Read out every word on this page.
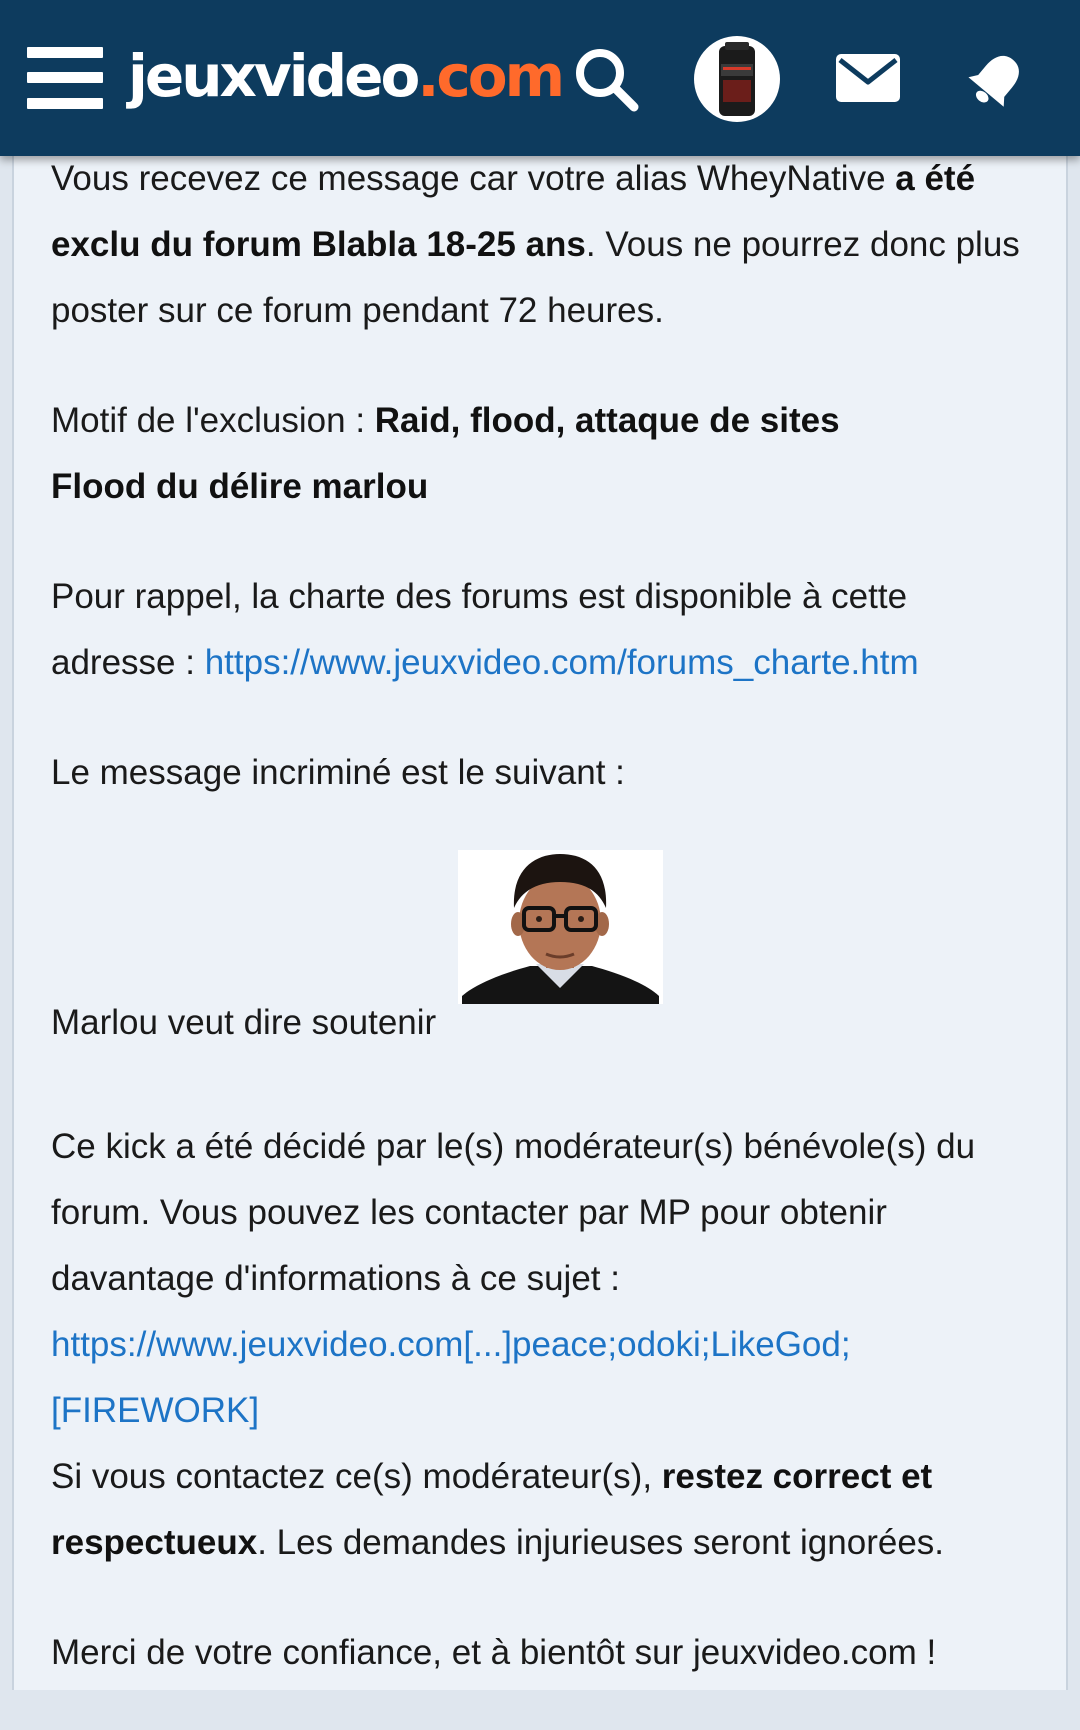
jeuxvideo.com

Vous recevez ce message car votre alias WheyNative a été exclu du forum Blabla 18-25 ans. Vous ne pourrez donc plus poster sur ce forum pendant 72 heures.

Motif de l'exclusion : Raid, flood, attaque de sites
Flood du délire marlou

Pour rappel, la charte des forums est disponible à cette adresse : https://www.jeuxvideo.com/forums_charte.htm

Le message incriminé est le suivant :

Marlou veut dire soutenir

Ce kick a été décidé par le(s) modérateur(s) bénévole(s) du forum. Vous pouvez les contacter par MP pour obtenir davantage d'informations à ce sujet :
https://www.jeuxvideo.com[...]peace;odoki;LikeGod;[FIREWORK]
Si vous contactez ce(s) modérateur(s), restez correct et respectueux. Les demandes injurieuses seront ignorées.

Merci de votre confiance, et à bientôt sur jeuxvideo.com !
